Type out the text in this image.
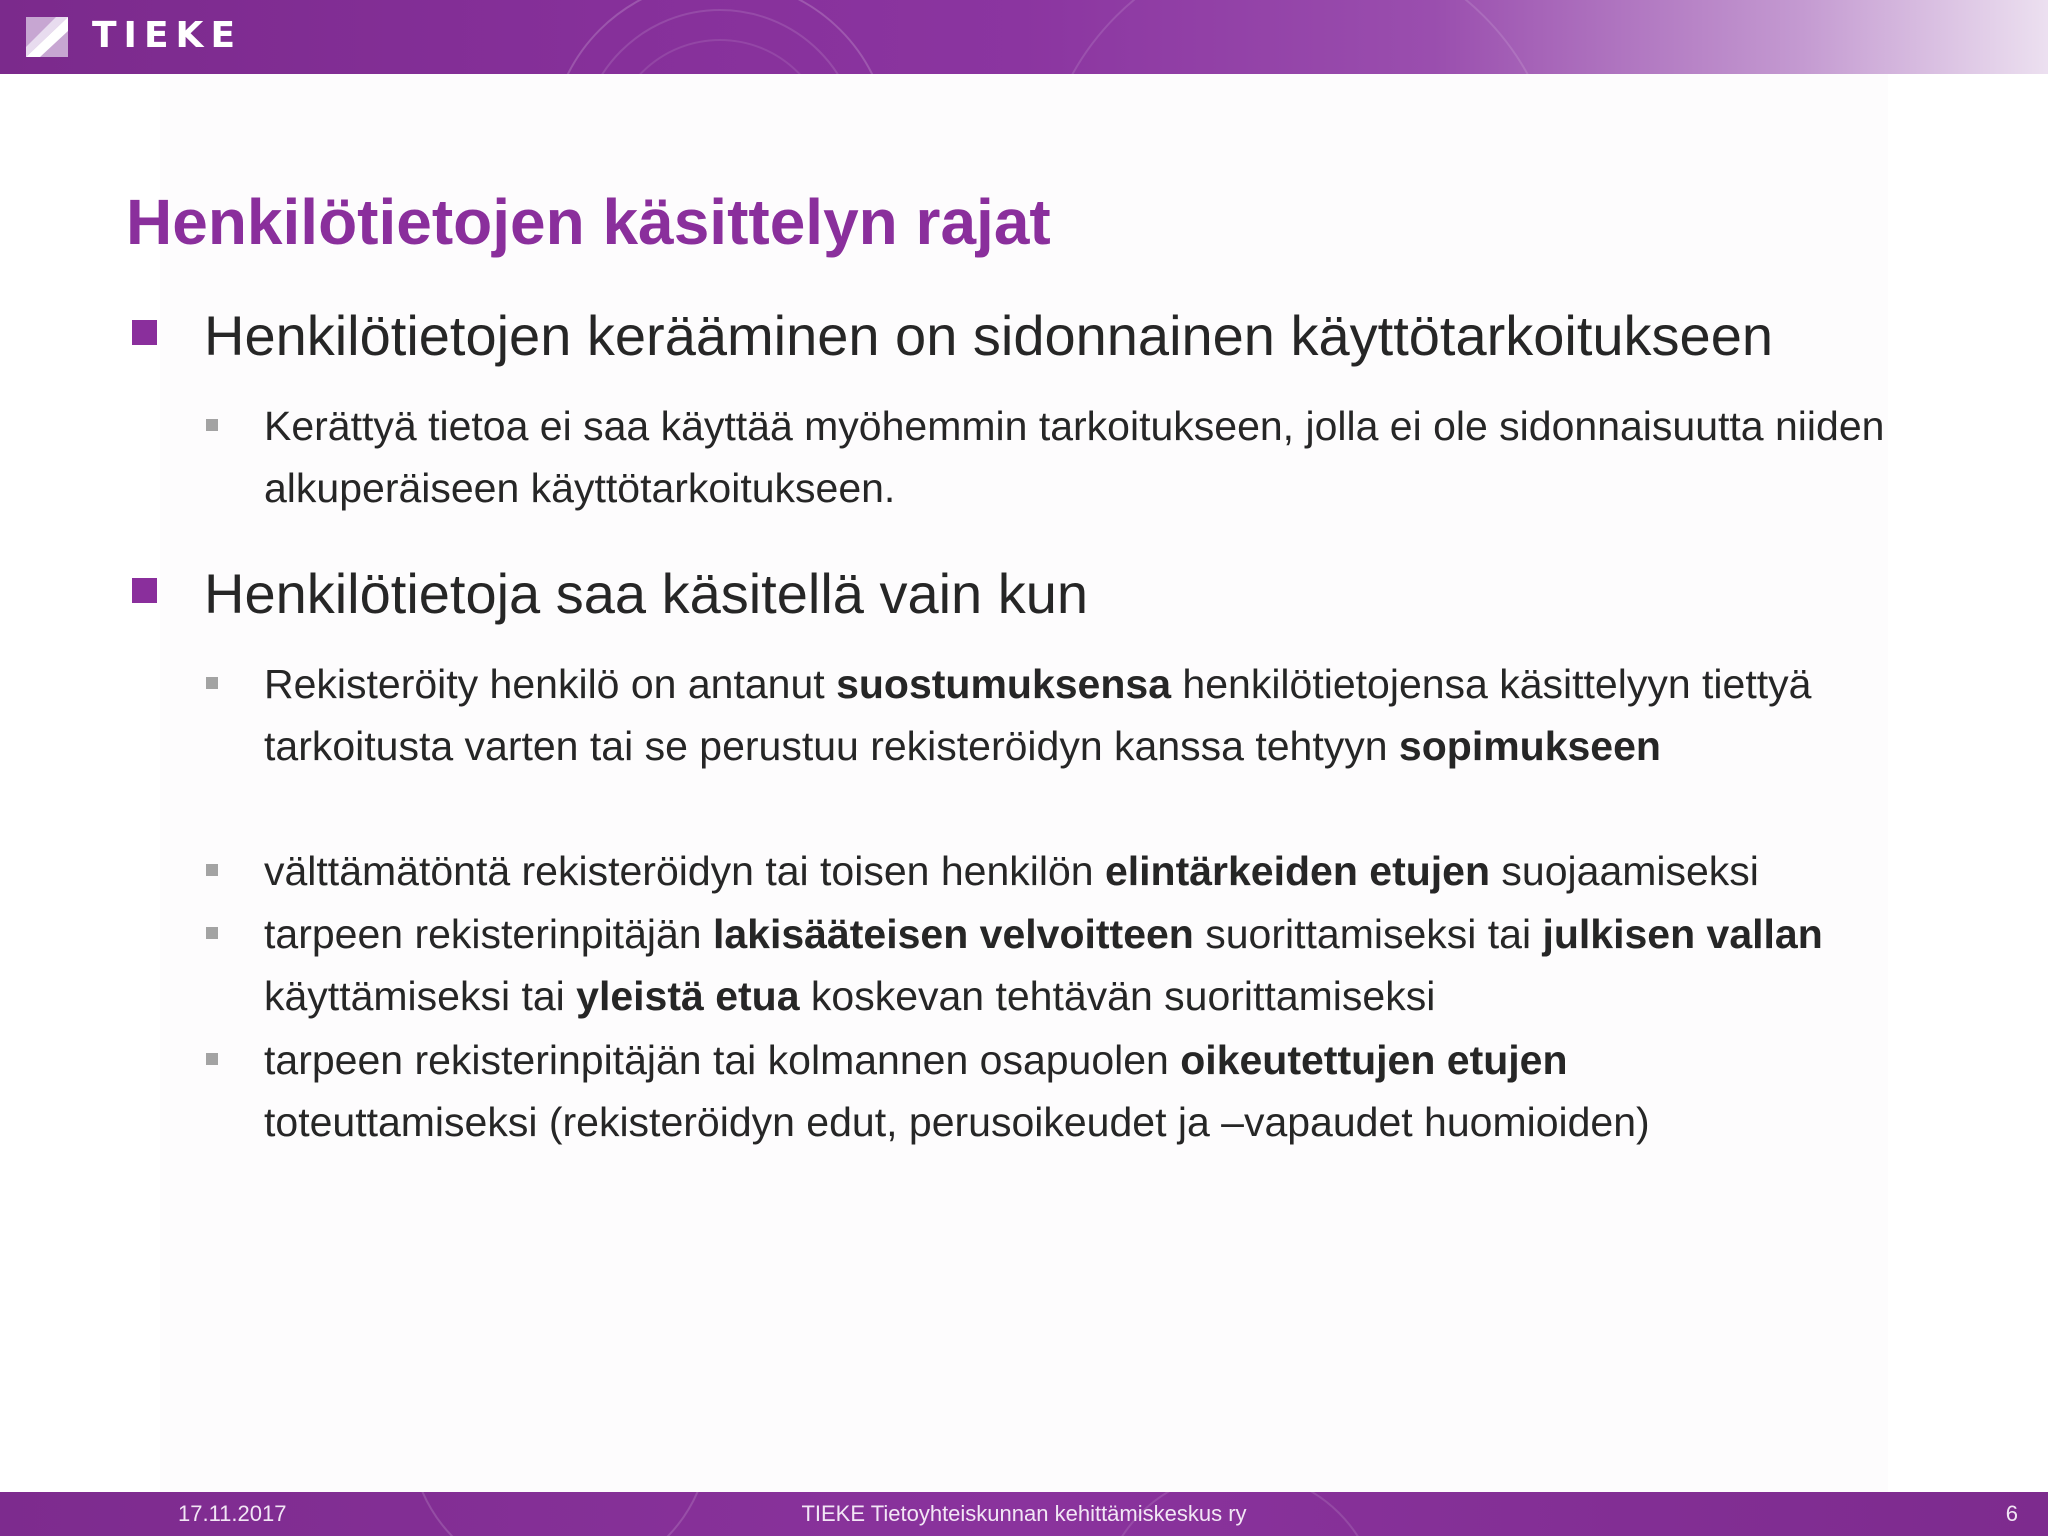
TIEKE
Henkilötietojen käsittelyn rajat
Henkilötietojen kerääminen on sidonnainen käyttötarkoitukseen
Kerättyä tietoa ei saa käyttää myöhemmin tarkoitukseen, jolla ei ole sidonnaisuutta niiden alkuperäiseen käyttötarkoitukseen.
Henkilötietoja saa käsitellä vain kun
Rekisteröity henkilö on antanut suostumuksensa henkilötietojensa käsittelyyn tiettyä tarkoitusta varten tai se perustuu rekisteröidyn kanssa tehtyyn sopimukseen
välttämätöntä rekisteröidyn tai toisen henkilön elintärkeiden etujen suojaamiseksi
tarpeen rekisterinpitäjän lakisääteisen velvoitteen suorittamiseksi tai julkisen vallan käyttämiseksi tai yleistä etua koskevan tehtävän suorittamiseksi
tarpeen rekisterinpitäjän tai kolmannen osapuolen oikeutettujen etujen toteuttamiseksi (rekisteröidyn edut, perusoikeudet ja –vapaudet huomioiden)
17.11.2017	TIEKE Tietoyhteiskunnan kehittämiskeskus ry	6
